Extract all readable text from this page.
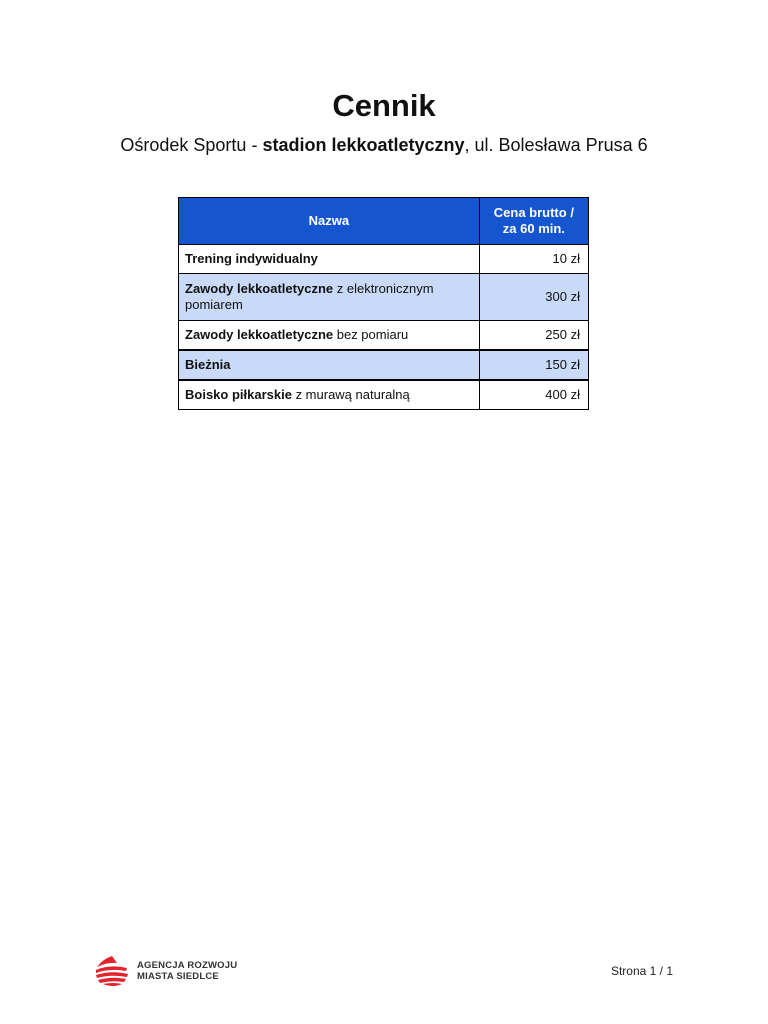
Cennik

Ośrodek Sportu - stadion lekkoatletyczny, ul. Bolesława Prusa 6

Nazwa	Cena brutto /
za 60 min.
Trening indywidualny	10 zł
Zawody lekkoatletyczne z elektronicznym pomiarem	300 zł
Zawody lekkoatletyczne bez pomiaru	250 zł
Bieżnia	150 zł
Boisko piłkarskie z murawą naturalną	400 zł
AGENCJA ROZWOJU
MIASTA SIEDLCE	Strona 1 / 1
